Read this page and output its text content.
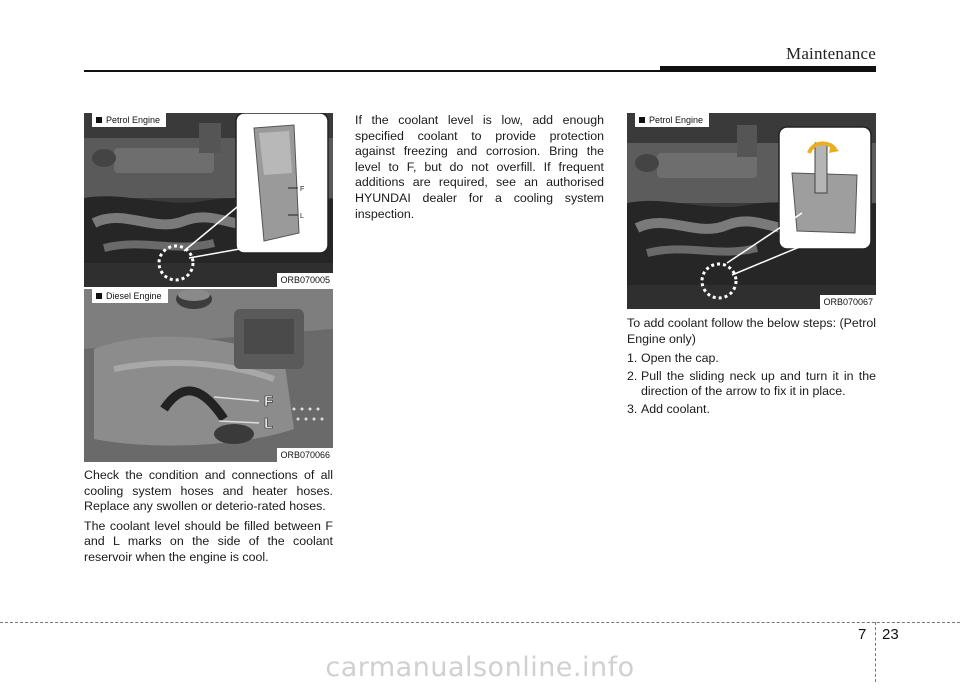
Maintenance
F
L
Petrol Engine
ORB070005
F
L
Diesel Engine
ORB070066
Petrol Engine
ORB070067

Check the condition and connections of all cooling system hoses and heater hoses. Replace any swollen or deterio-rated hoses.

The coolant level should be filled between F and L marks on the side of the coolant reservoir when the engine is cool.

If the coolant level is low, add enough specified coolant to provide protection against freezing and corrosion. Bring the level to F, but do not overfill. If frequent additions are required, see an authorised HYUNDAI dealer for a cooling system inspection.

To add coolant follow the below steps: (Petrol Engine only)

1. Open the cap.
2. Pull the sliding neck up and turn it in the direction of the arrow to fix it in place.
3. Add coolant.
7 23
carmanualsonline.info
